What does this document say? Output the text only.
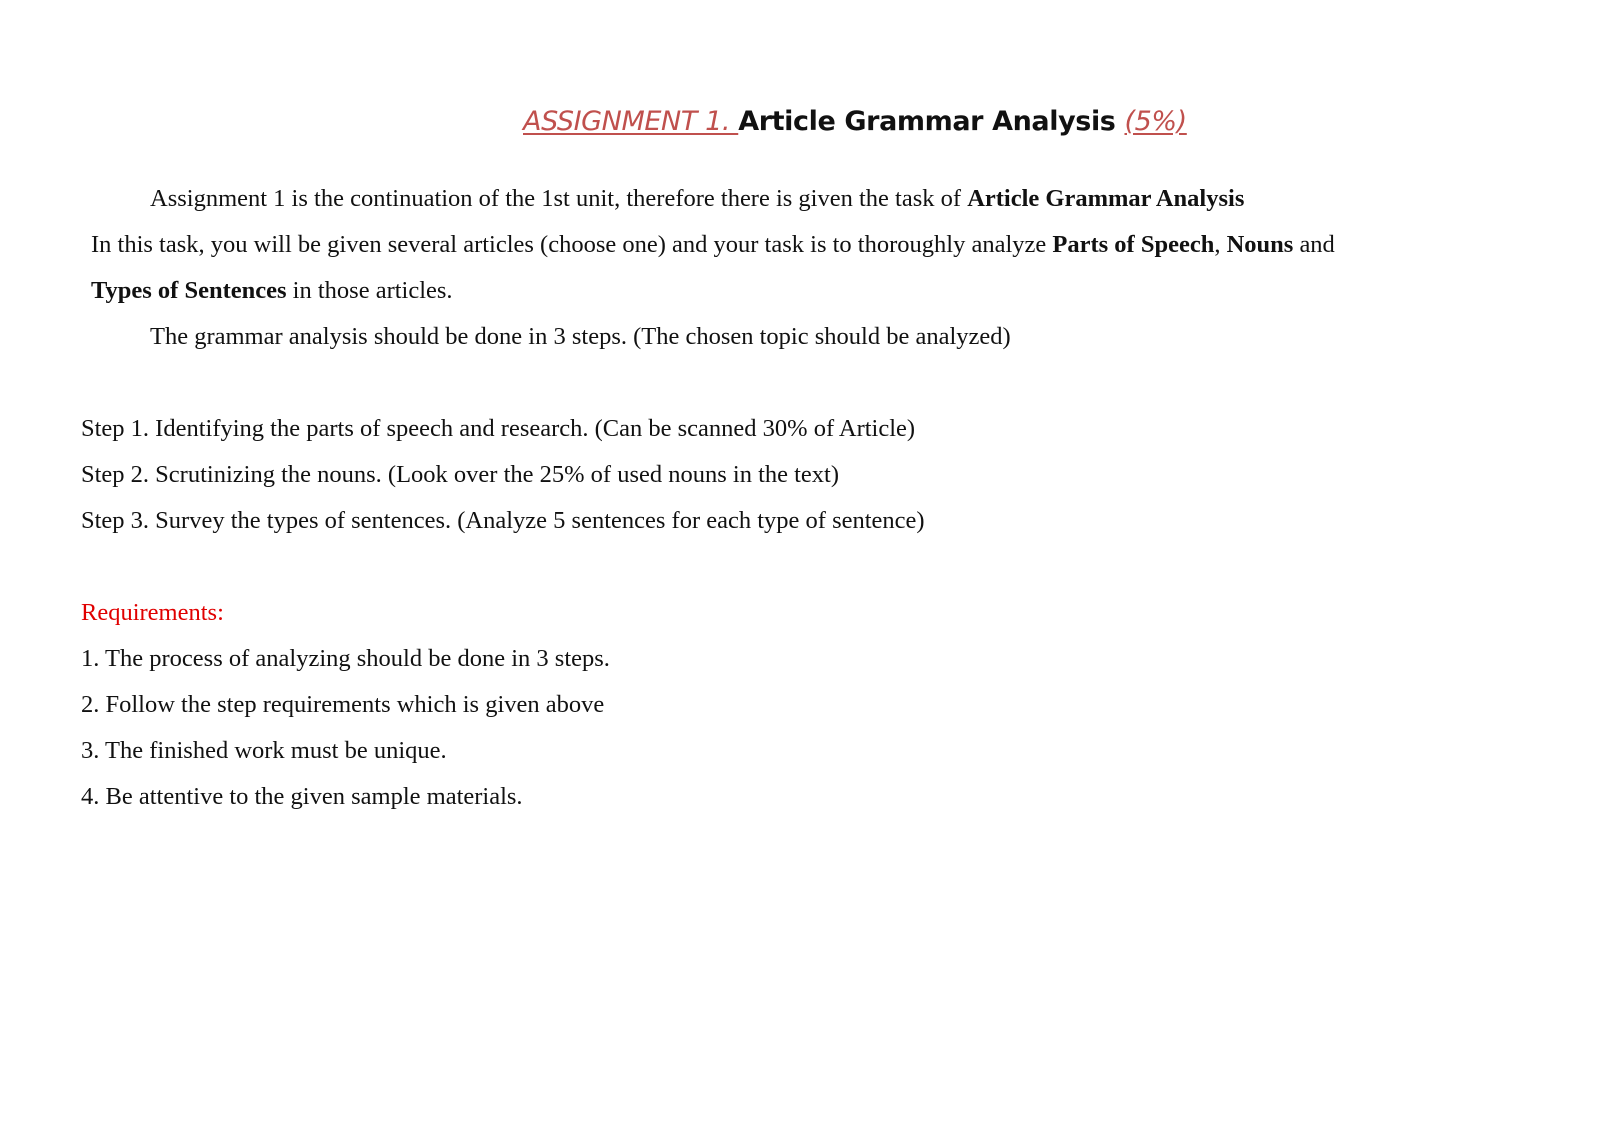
ASSIGNMENT 1. Article Grammar Analysis (5%)
Assignment 1 is the continuation of the 1st unit, therefore there is given the task of Article Grammar Analysis
In this task, you will be given several articles (choose one) and your task is to thoroughly analyze Parts of Speech, Nouns and
Types of Sentences in those articles.
The grammar analysis should be done in 3 steps. (The chosen topic should be analyzed)
Step 1. Identifying the parts of speech and research. (Can be scanned 30% of Article)
Step 2. Scrutinizing the nouns. (Look over the 25% of used nouns in the text)
Step 3. Survey the types of sentences. (Analyze 5 sentences for each type of sentence)
Requirements:
1. The process of analyzing should be done in 3 steps.
2. Follow the step requirements which is given above
3. The finished work must be unique.
4. Be attentive to the given sample materials.
